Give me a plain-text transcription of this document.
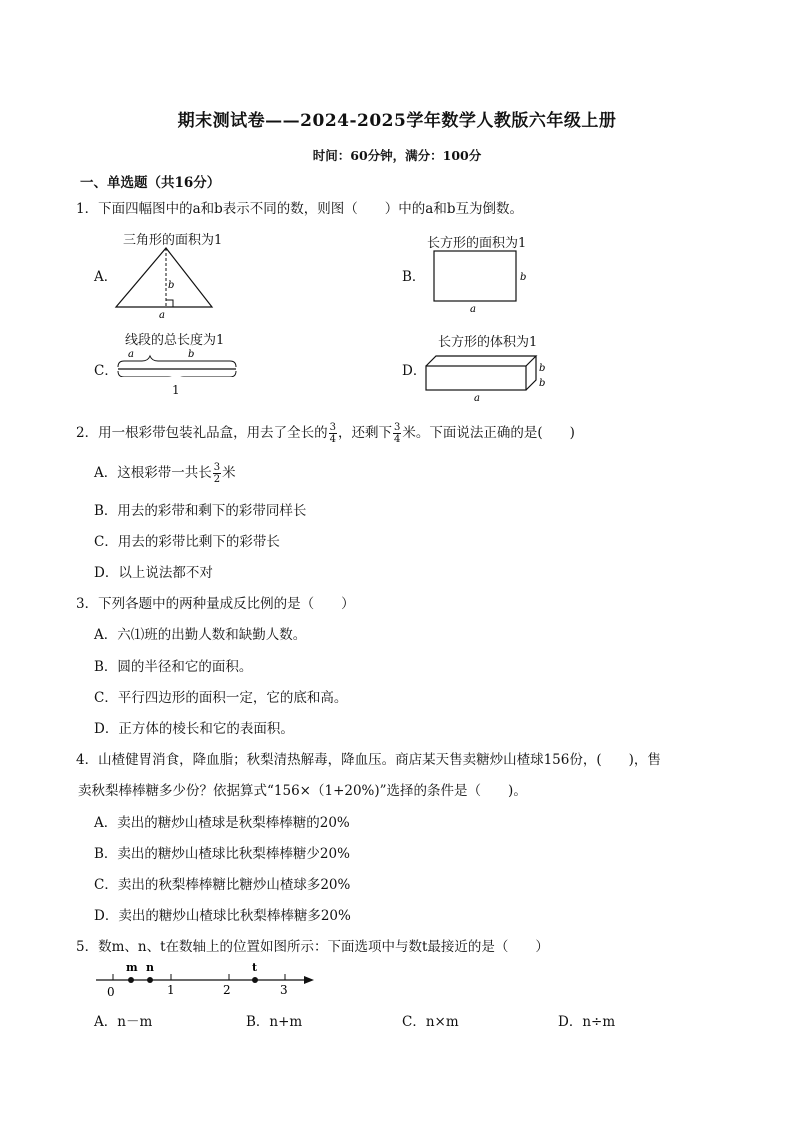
期末测试卷——2024-2025学年数学人教版六年级上册
时间：60分钟，满分：100分
一、单选题（共16分）
1．下面四幅图中的a和b表示不同的数，则图（　　）中的a和b互为倒数。
A．
三角形的面积为1
b
a
B．
长方形的面积为1
b
a
C．
线段的总长度为1
a	b
1
D．
长方形的体积为1
b
b
a
2．用一根彩带包装礼品盒，用去了全长的 $\frac{3}{4}$ ，还剩下 $\frac{3}{4}$ 米。下面说法正确的是(　　)
A．这根彩带一共长 $\frac{3}{2}$ 米
B．用去的彩带和剩下的彩带同样长
C．用去的彩带比剩下的彩带长
D．以上说法都不对
3．下列各题中的两种量成反比例的是（　　）
A．六⑴班的出勤人数和缺勤人数。
B．圆的半径和它的面积。
C．平行四边形的面积一定，它的底和高。
D．正方体的棱长和它的表面积。
4．山楂健胃消食，降血脂；秋梨清热解毒，降血压。商店某天售卖糖炒山楂球156份，(　　)，售
卖秋梨棒棒糖多少份？依据算式“156×（1+20%)”选择的条件是（　　)。
A．卖出的糖炒山楂球是秋梨棒棒糖的20%
B．卖出的糖炒山楂球比秋梨棒棒糖少20%
C．卖出的秋梨棒棒糖比糖炒山楂球多20%
D．卖出的糖炒山楂球比秋梨棒棒糖多20%
5．数m、n、t在数轴上的位置如图所示：下面选项中与数t最接近的是（　　）
m n	t
0	1	2	3
A．n－m	B．n+m	C．n×m	D．n÷m
